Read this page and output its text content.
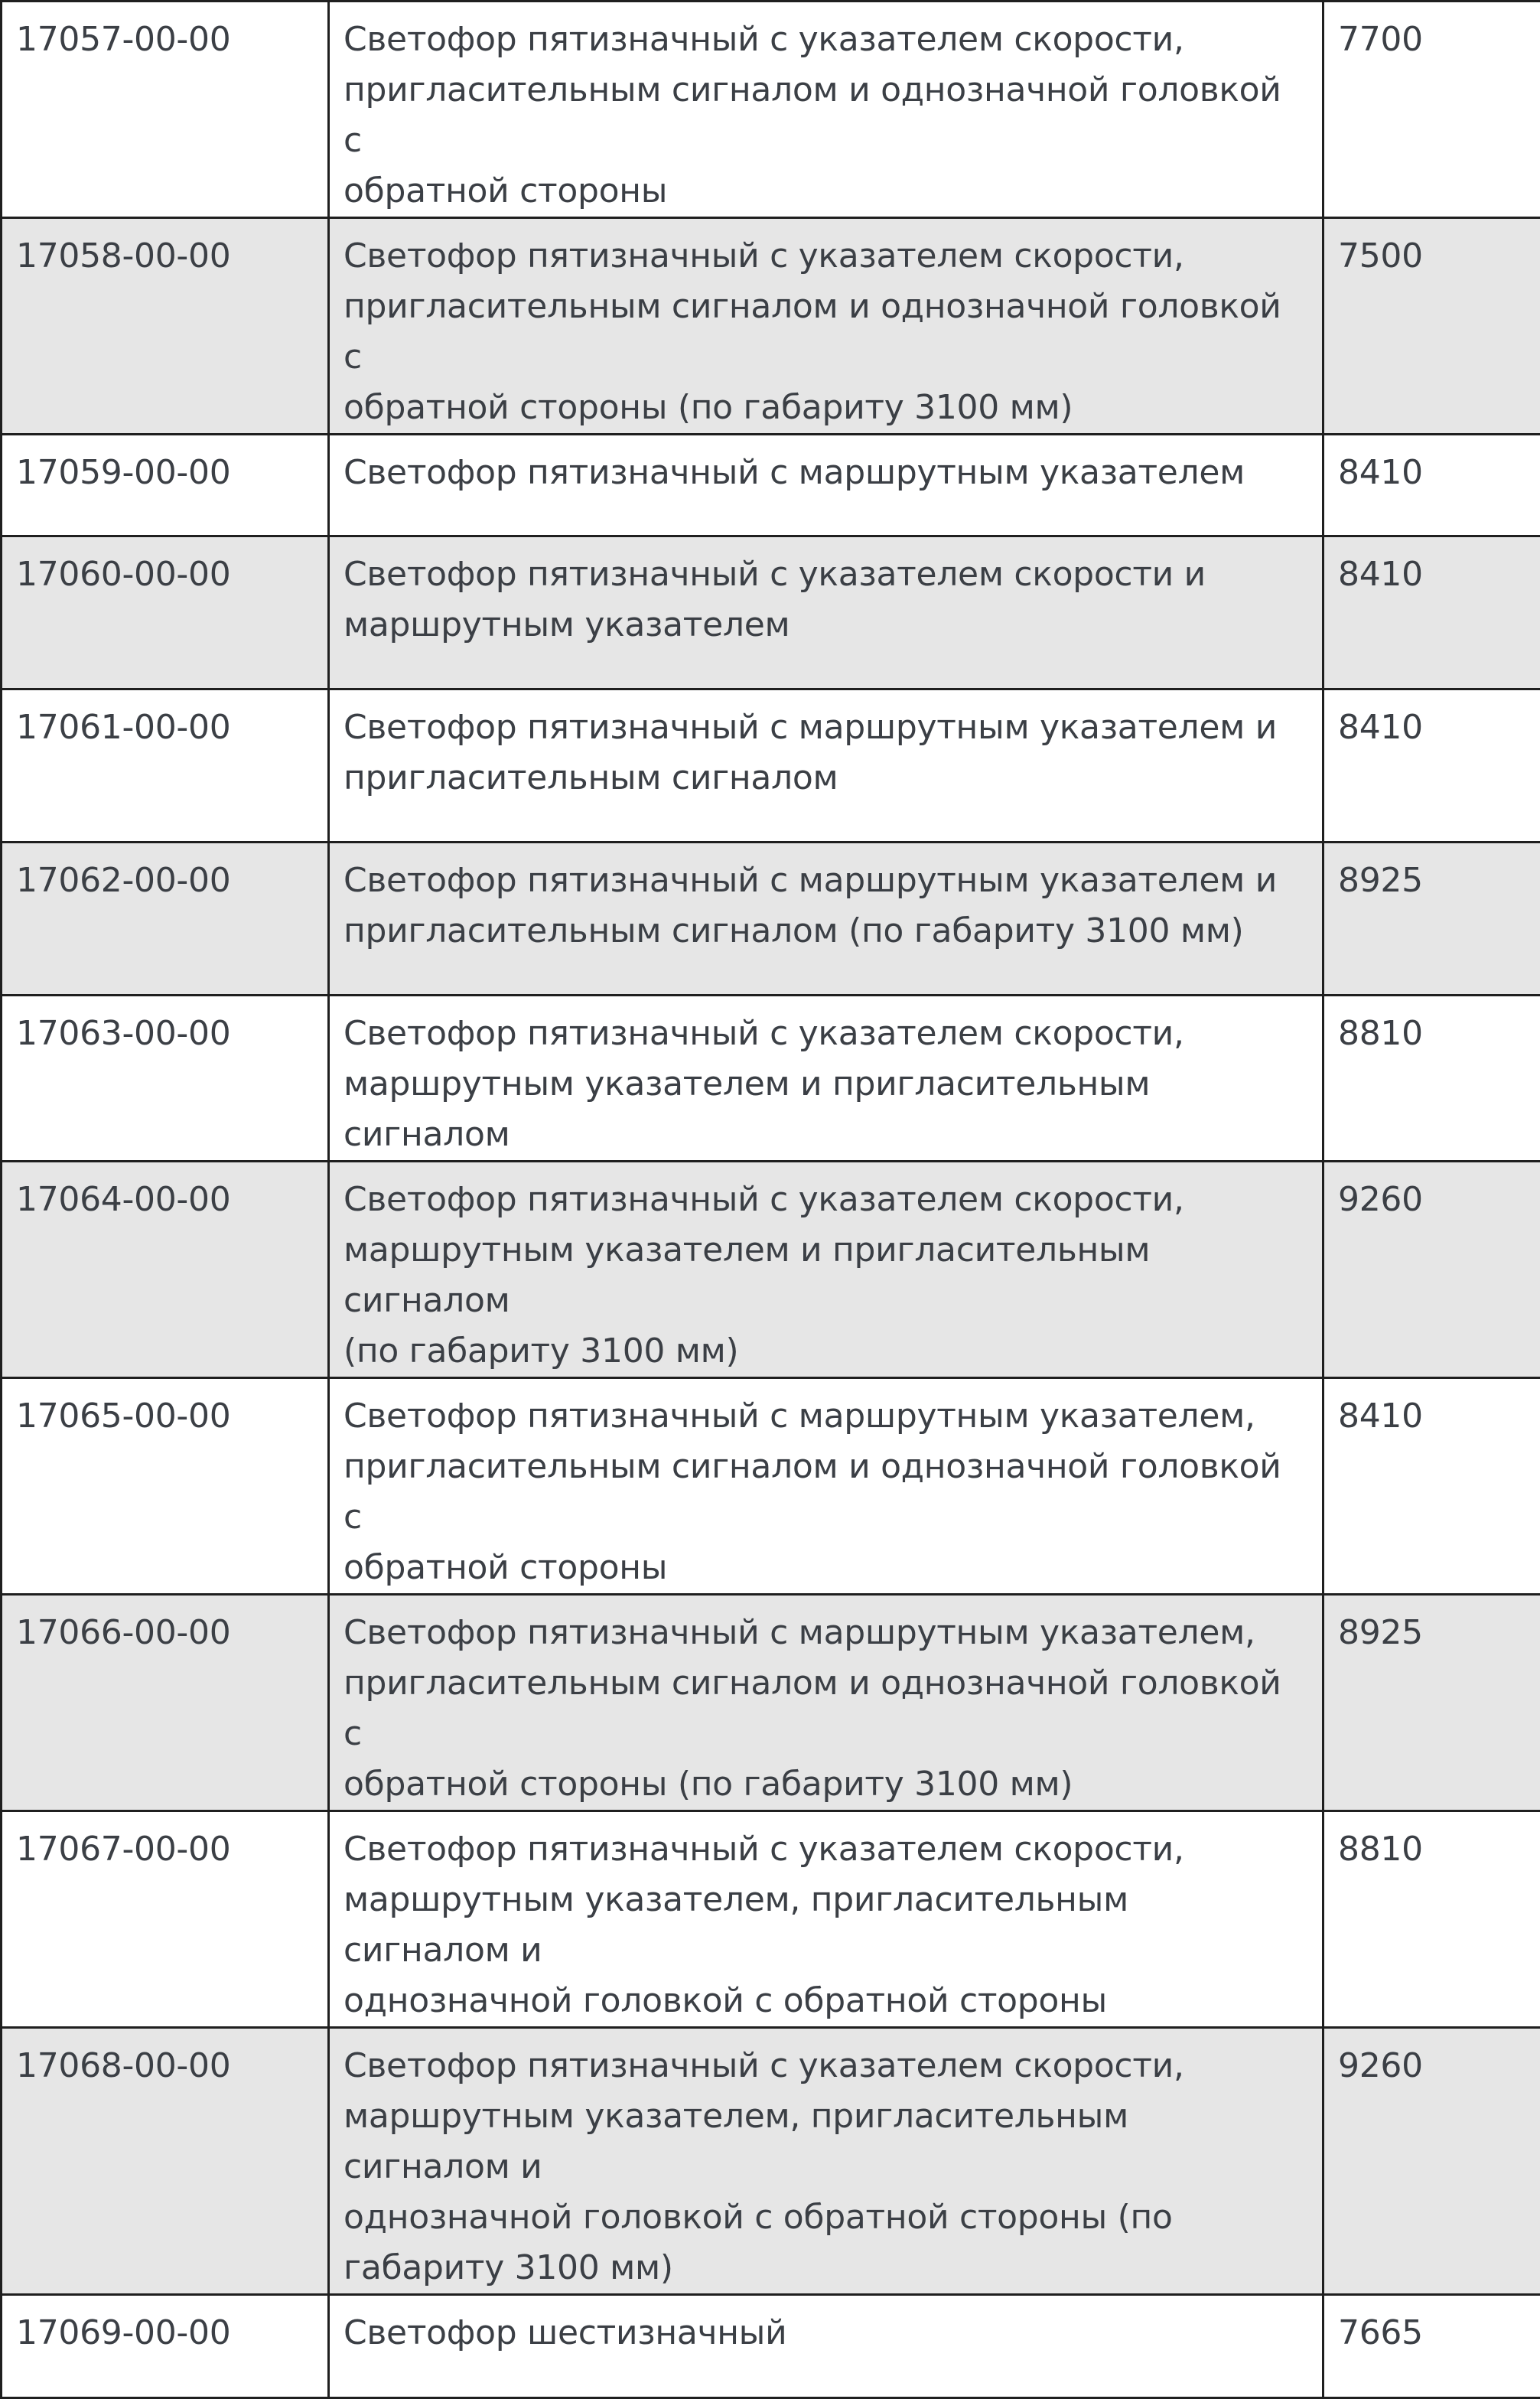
17057-00-00	Светофор пятизначный с указателем скорости,
пригласительным сигналом и однозначной головкой с
обратной стороны	7700
17058-00-00	Светофор пятизначный с указателем скорости,
пригласительным сигналом и однозначной головкой с
обратной стороны (по габариту 3100 мм)	7500
17059-00-00	Светофор пятизначный с маршрутным указателем	8410
17060-00-00	Светофор пятизначный с указателем скорости и
маршрутным указателем	8410
17061-00-00	Светофор пятизначный с маршрутным указателем и
пригласительным сигналом	8410
17062-00-00	Светофор пятизначный с маршрутным указателем и
пригласительным сигналом (по габариту 3100 мм)	8925
17063-00-00	Светофор пятизначный с указателем скорости,
маршрутным указателем и пригласительным сигналом	8810
17064-00-00	Светофор пятизначный с указателем скорости,
маршрутным указателем и пригласительным сигналом
(по габариту 3100 мм)	9260
17065-00-00	Светофор пятизначный с маршрутным указателем,
пригласительным сигналом и однозначной головкой с
обратной стороны	8410
17066-00-00	Светофор пятизначный с маршрутным указателем,
пригласительным сигналом и однозначной головкой с
обратной стороны (по габариту 3100 мм)	8925
17067-00-00	Светофор пятизначный с указателем скорости,
маршрутным указателем, пригласительным сигналом и
однозначной головкой с обратной стороны	8810
17068-00-00	Светофор пятизначный с указателем скорости,
маршрутным указателем, пригласительным сигналом и
однозначной головкой с обратной стороны (по
габариту 3100 мм)	9260
17069-00-00	Светофор шестизначный	7665
